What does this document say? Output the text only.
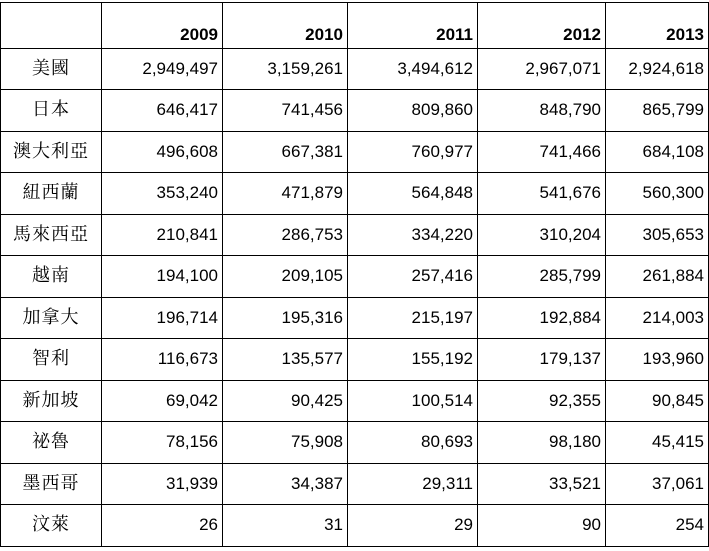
	2009	2010	2011	2012	2013
美國	2,949,497	3,159,261	3,494,612	2,967,071	2,924,618
日本	646,417	741,456	809,860	848,790	865,799
澳大利亞	496,608	667,381	760,977	741,466	684,108
紐西蘭	353,240	471,879	564,848	541,676	560,300
馬來西亞	210,841	286,753	334,220	310,204	305,653
越南	194,100	209,105	257,416	285,799	261,884
加拿大	196,714	195,316	215,197	192,884	214,003
智利	116,673	135,577	155,192	179,137	193,960
新加坡	69,042	90,425	100,514	92,355	90,845
祕魯	78,156	75,908	80,693	98,180	45,415
墨西哥	31,939	34,387	29,311	33,521	37,061
汶萊	26	31	29	90	254
